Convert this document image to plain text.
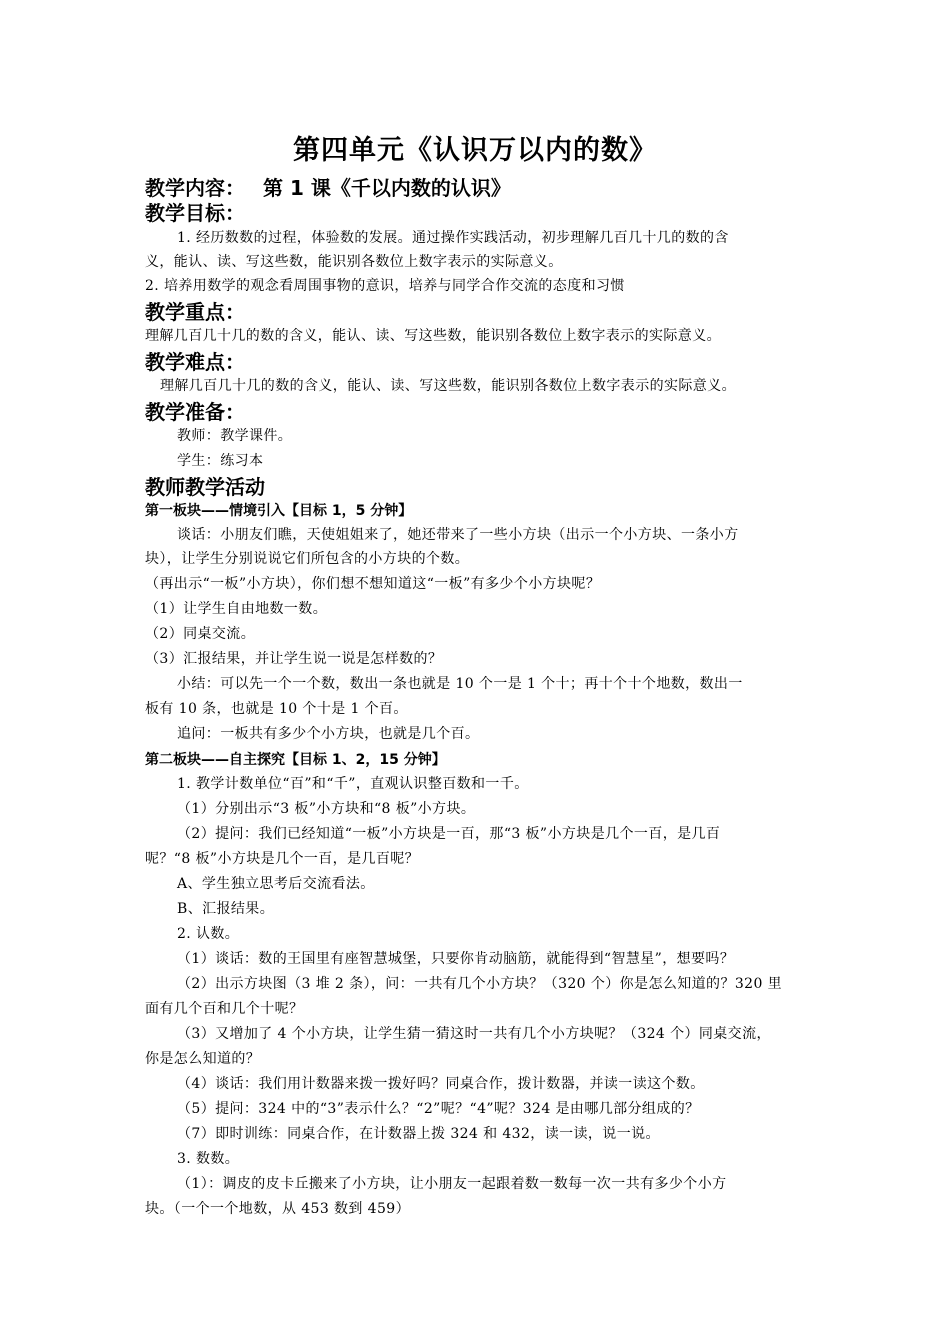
第四单元《认识万以内的数》
教学内容： 第 1 课《千以内数的认识》
教学目标：
1. 经历数数的过程，体验数的发展。通过操作实践活动，初步理解几百几十几的数的含
义，能认、读、写这些数，能识别各数位上数字表示的实际意义。
2. 培养用数学的观念看周围事物的意识，培养与同学合作交流的态度和习惯
教学重点：
理解几百几十几的数的含义，能认、读、写这些数，能识别各数位上数字表示的实际意义。
教学难点：
理解几百几十几的数的含义，能认、读、写这些数，能识别各数位上数字表示的实际意义。
教学准备：
教师：教学课件。
学生：练习本
教师教学活动
第一板块——情境引入【目标 1，5 分钟】
谈话：小朋友们瞧，天使姐姐来了，她还带来了一些小方块（出示一个小方块、一条小方
块），让学生分别说说它们所包含的小方块的个数。
（再出示“一板”小方块），你们想不想知道这“一板”有多少个小方块呢？
（1）让学生自由地数一数。
（2）同桌交流。
（3）汇报结果，并让学生说一说是怎样数的？
小结：可以先一个一个数，数出一条也就是 10 个一是 1 个十；再十个十个地数，数出一
板有 10 条，也就是 10 个十是 1 个百。
追问：一板共有多少个小方块，也就是几个百。
第二板块——自主探究【目标 1、2，15 分钟】
1. 教学计数单位“百”和“千”，直观认识整百数和一千。
（1）分别出示“3 板”小方块和“8 板”小方块。
（2）提问：我们已经知道“一板”小方块是一百，那“3 板”小方块是几个一百，是几百
呢？“8 板”小方块是几个一百，是几百呢？
A、学生独立思考后交流看法。
B、汇报结果。
2. 认数。
（1）谈话：数的王国里有座智慧城堡，只要你肯动脑筋，就能得到“智慧星”，想要吗？
（2）出示方块图（3 堆 2 条），问：一共有几个小方块？（320 个）你是怎么知道的？320 里
面有几个百和几个十呢？
（3）又增加了 4 个小方块，让学生猜一猜这时一共有几个小方块呢？（324 个）同桌交流，
你是怎么知道的？
（4）谈话：我们用计数器来拨一拨好吗？同桌合作，拨计数器，并读一读这个数。
（5）提问：324 中的“3”表示什么？“2”呢？“4”呢？324 是由哪几部分组成的？
（7）即时训练：同桌合作，在计数器上拨 324 和 432，读一读，说一说。
3. 数数。
（1）：调皮的皮卡丘搬来了小方块，让小朋友一起跟着数一数每一次一共有多少个小方
块。（一个一个地数，从 453 数到 459）
